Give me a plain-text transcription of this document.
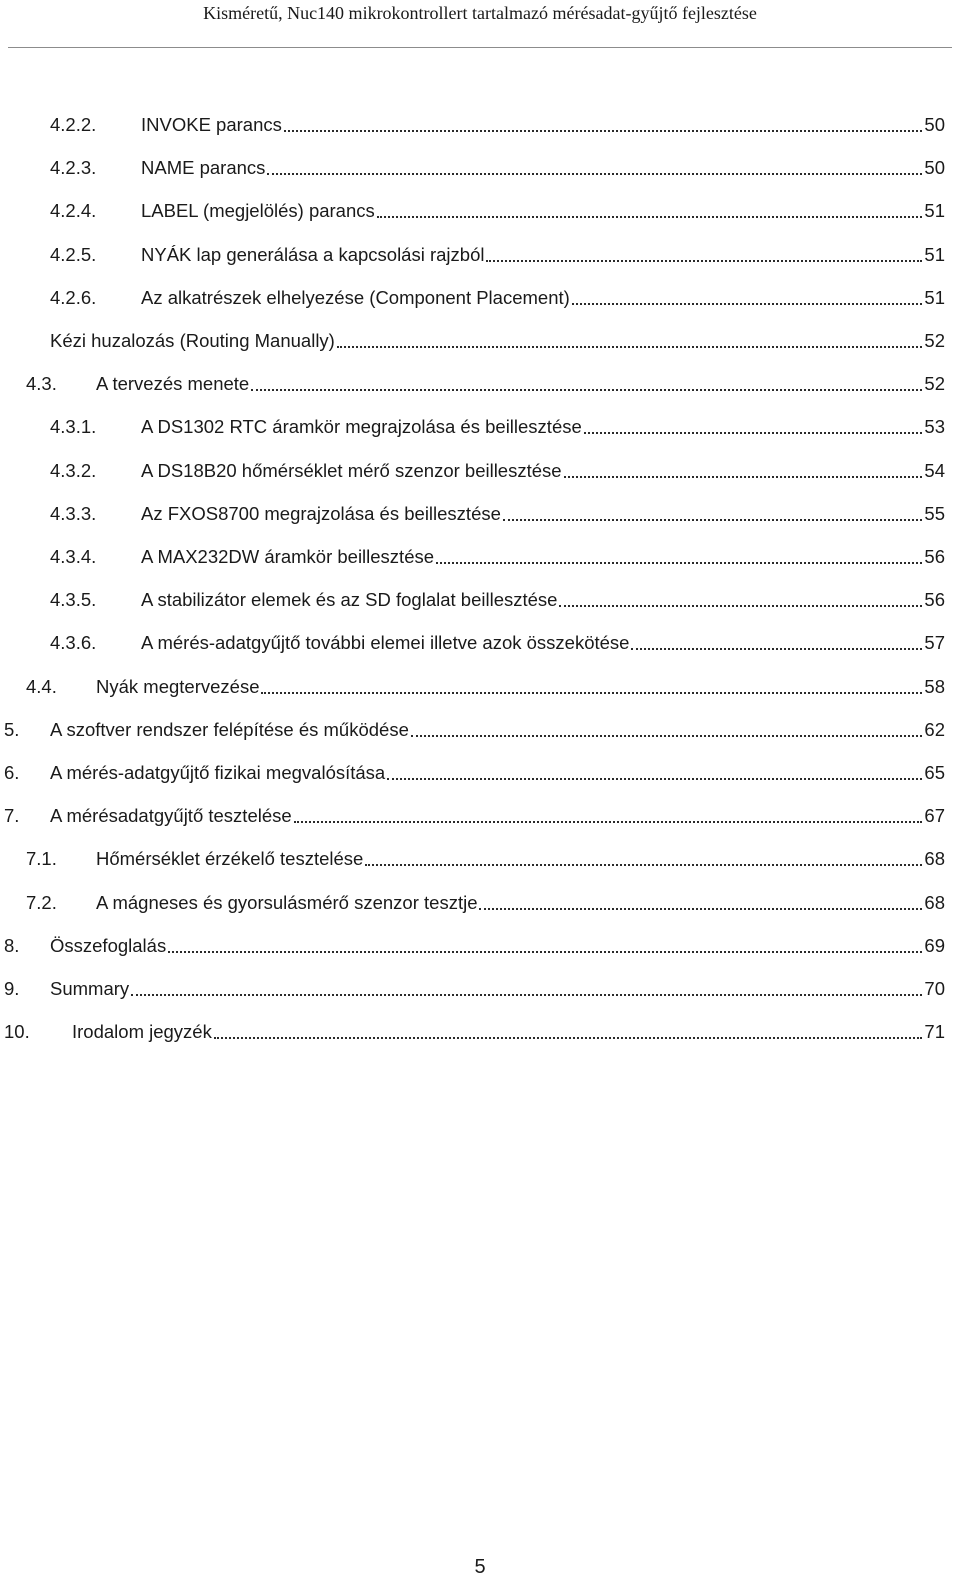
Kisméretű, Nuc140 mikrokontrollert tartalmazó mérésadat-gyűjtő fejlesztése
4.2.2.	INVOKE parancs	50
4.2.3.	NAME parancs	50
4.2.4.	LABEL (megjelölés) parancs	51
4.2.5.	NYÁK lap generálása a kapcsolási rajzból	51
4.2.6.	Az alkatrészek elhelyezése (Component Placement)	51
Kézi huzalozás (Routing Manually)	52
4.3.	A tervezés menete	52
4.3.1.	A DS1302 RTC áramkör megrajzolása és beillesztése	53
4.3.2.	A DS18B20 hőmérséklet mérő szenzor beillesztése	54
4.3.3.	Az FXOS8700 megrajzolása és beillesztése	55
4.3.4.	A MAX232DW áramkör beillesztése	56
4.3.5.	A stabilizátor elemek és az SD foglalat beillesztése	56
4.3.6.	A mérés-adatgyűjtő további elemei illetve azok összekötése	57
4.4.	Nyák megtervezése	58
5.	A szoftver rendszer felépítése és működése	62
6.	A mérés-adatgyűjtő fizikai megvalósítása	65
7.	A mérésadatgyűjtő tesztelése	67
7.1.	Hőmérséklet érzékelő tesztelése	68
7.2.	A mágneses és gyorsulásmérő szenzor tesztje	68
8.	Összefoglalás	69
9.	Summary	70
10.	Irodalom jegyzék	71
5
